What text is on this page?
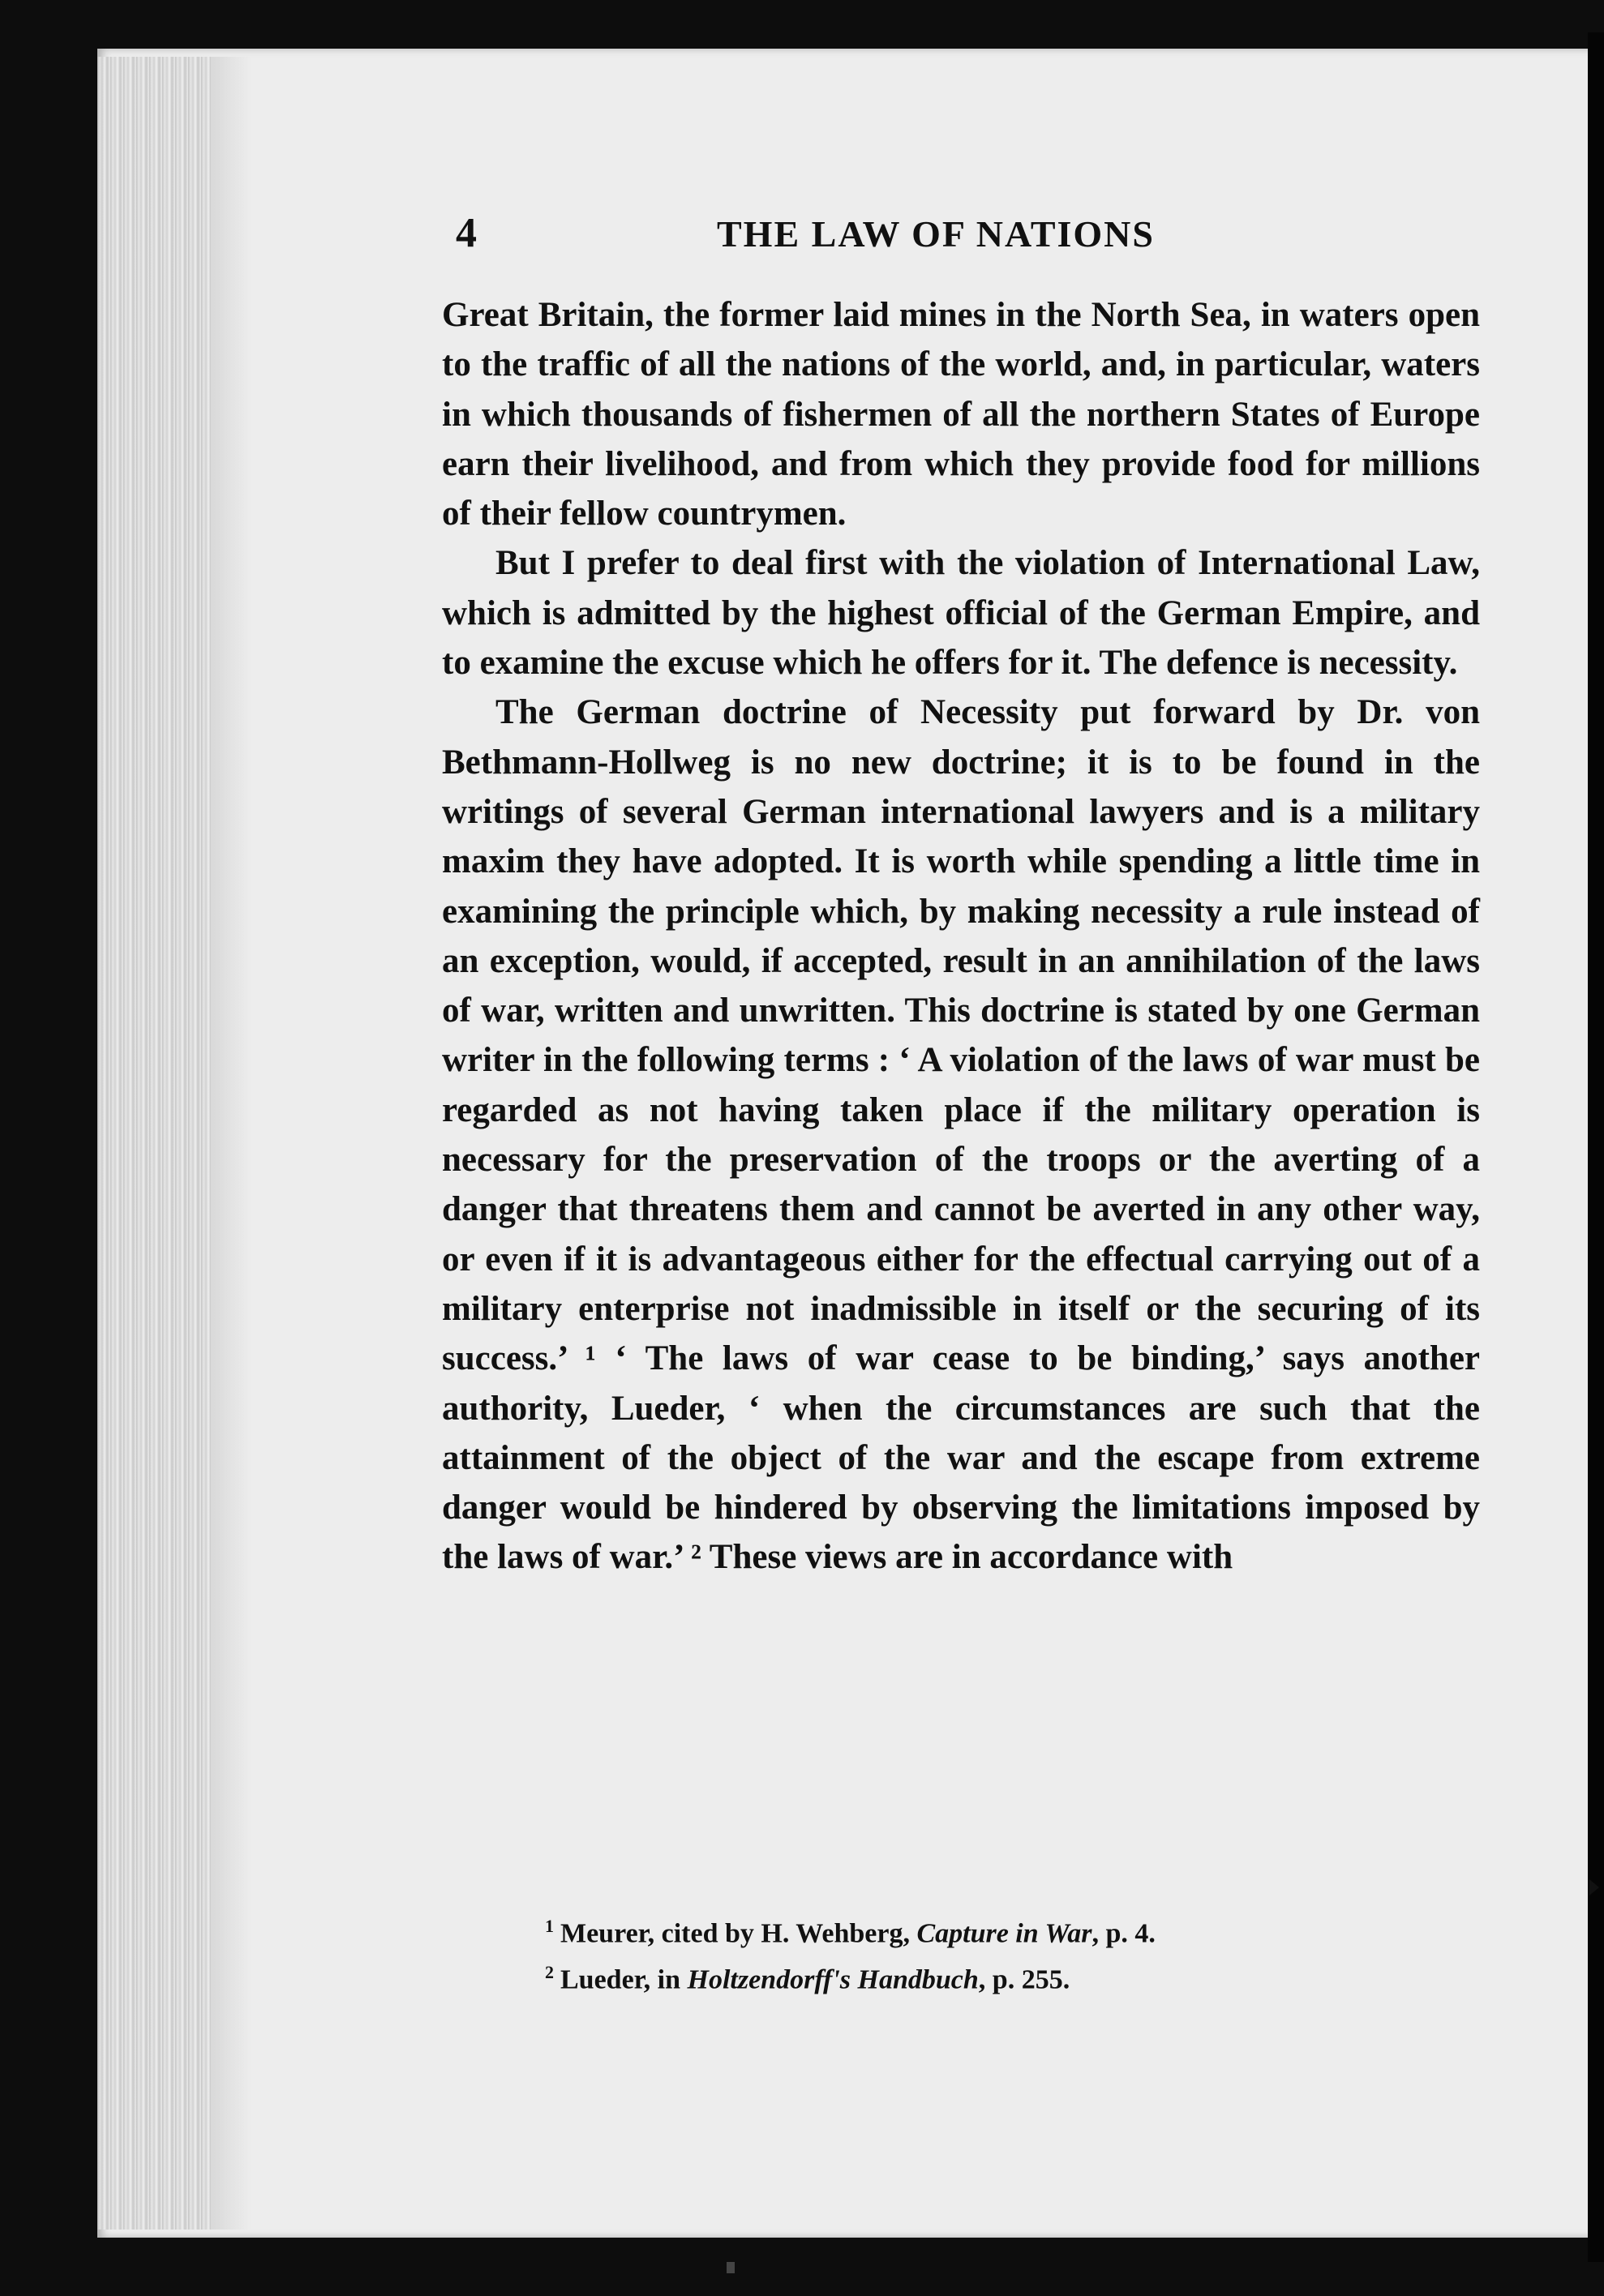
4	THE LAW OF NATIONS

Great Britain, the former laid mines in the North Sea, in waters open to the traffic of all the nations of the world, and, in particular, waters in which thousands of fishermen of all the northern States of Europe earn their livelihood, and from which they provide food for millions of their fellow countrymen.

But I prefer to deal first with the violation of International Law, which is admitted by the highest official of the German Empire, and to examine the excuse which he offers for it. The defence is necessity.

The German doctrine of Necessity put forward by Dr. von Bethmann-Hollweg is no new doctrine; it is to be found in the writings of several German international lawyers and is a military maxim they have adopted. It is worth while spending a little time in examining the principle which, by making necessity a rule instead of an exception, would, if accepted, result in an annihilation of the laws of war, written and unwritten. This doctrine is stated by one German writer in the following terms : ‘ A violation of the laws of war must be regarded as not having taken place if the military operation is necessary for the preservation of the troops or the averting of a danger that threatens them and cannot be averted in any other way, or even if it is advantageous either for the effectual carrying out of a military enterprise not inadmissible in itself or the securing of its success.’ ¹ ‘ The laws of war cease to be binding,’ says another authority, Lueder, ‘ when the circumstances are such that the attainment of the object of the war and the escape from extreme danger would be hindered by observing the limitations imposed by the laws of war.’ ² These views are in accordance with

$^1$ Meurer, cited by H. Wehberg, Capture in War, p. 4.

$^2$ Lueder, in Holtzendorff's Handbuch, p. 255.
